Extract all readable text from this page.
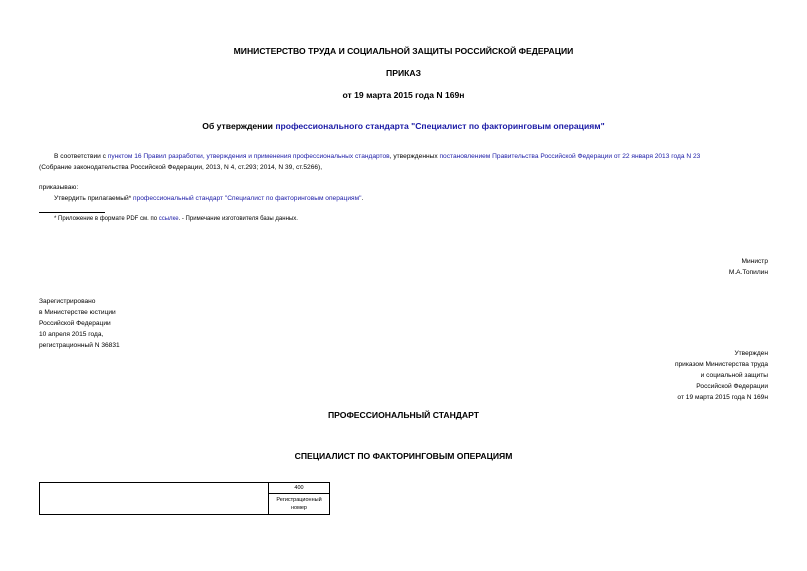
МИНИСТЕРСТВО ТРУДА И СОЦИАЛЬНОЙ ЗАЩИТЫ РОССИЙСКОЙ ФЕДЕРАЦИИ
ПРИКАЗ
от 19 марта 2015 года N 169н
Об утверждении профессионального стандарта "Специалист по факторинговым операциям"
В соответствии с пунктом 16 Правил разработки, утверждения и применения профессиональных стандартов, утвержденных постановлением Правительства Российской Федерации от 22 января 2013 года N 23
(Собрание законодательства Российской Федерации, 2013, N 4, ст.293; 2014, N 39, ст.5266),
приказываю:
Утвердить прилагаемый* профессиональный стандарт "Специалист по факторинговым операциям".
* Приложение в формате PDF см. по ссылке. - Примечание изготовителя базы данных.
Министр
М.А.Топилин
Зарегистрировано
в Министерстве юстиции
Российской Федерации
10 апреля 2015 года,
регистрационный N 36831
Утвержден
приказом Министерства труда
и социальной защиты
Российской Федерации
от 19 марта 2015 года N 169н
ПРОФЕССИОНАЛЬНЫЙ СТАНДАРТ
СПЕЦИАЛИСТ ПО ФАКТОРИНГОВЫМ ОПЕРАЦИЯМ
	400
Регистрационный
номер
